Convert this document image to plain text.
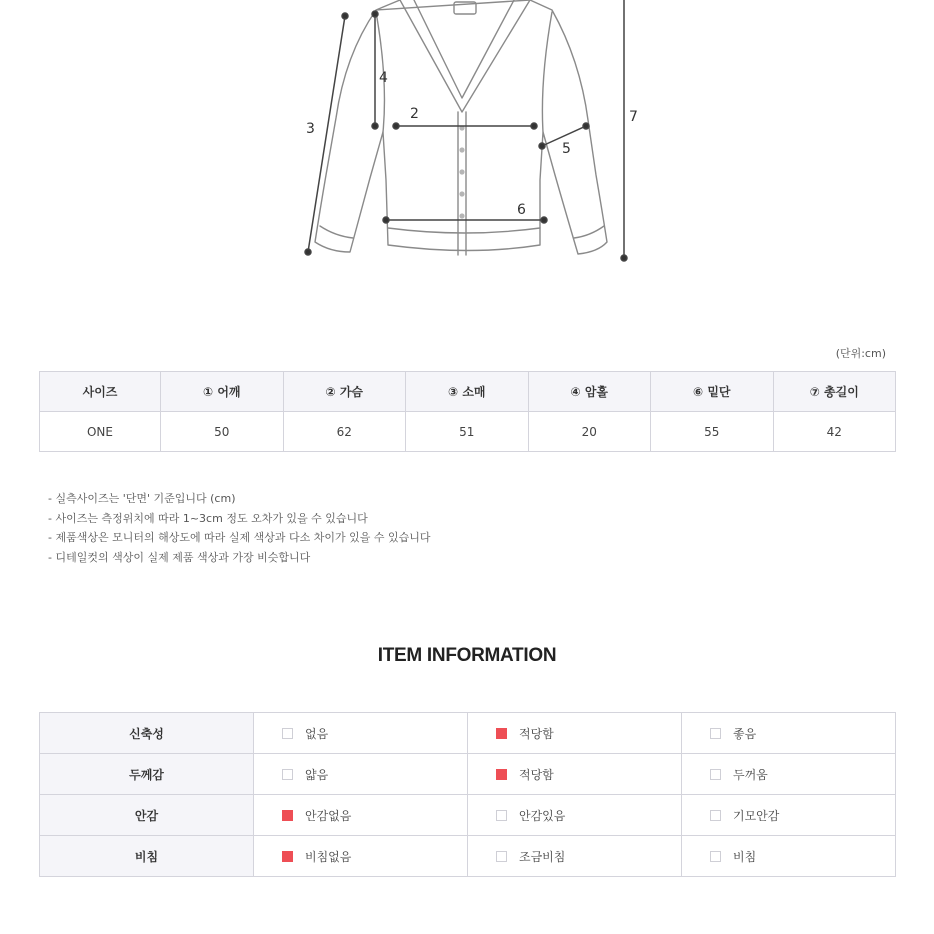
3
4
2
5
6
7
(단위:cm)
사이즈	① 어깨	② 가슴	③ 소매	④ 암홀	⑥ 밑단	⑦ 총길이
ONE	50	62	51	20	55	42
- 실측사이즈는 '단면' 기준입니다 (cm)
- 사이즈는 측정위치에 따라 1~3cm 정도 오차가 있을 수 있습니다
- 제품색상은 모니터의 해상도에 따라 실제 색상과 다소 차이가 있을 수 있습니다
- 디테일컷의 색상이 실제 제품 색상과 가장 비슷합니다
ITEM INFORMATION
신축성	없음	적당함	좋음
두께감	얇음	적당함	두꺼움
안감	안감없음	안감있음	기모안감
비침	비침없음	조금비침	비침
